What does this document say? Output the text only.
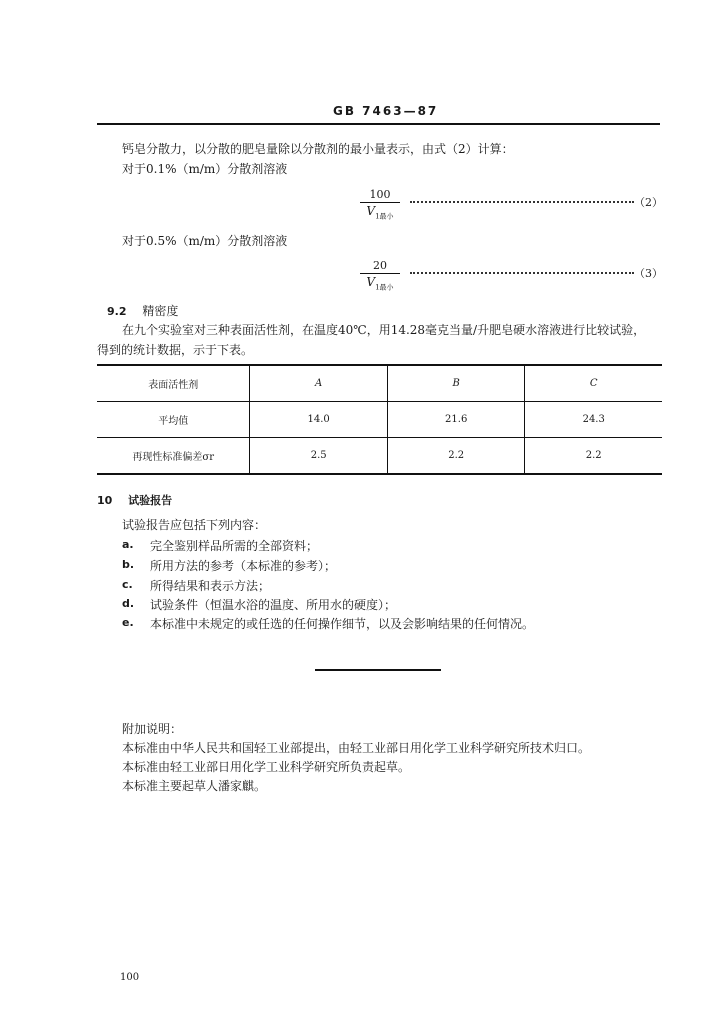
GB 7463—87
钙皂分散力，以分散的肥皂量除以分散剂的最小量表示，由式（2）计算：
对于0.1%（m/m）分散剂溶液
100
$V_{1最小}$
（2）
对于0.5%（m/m）分散剂溶液
20
$V_{1最小}$
（3）
9.2 精密度
在九个实验室对三种表面活性剂，在温度40℃，用14.28毫克当量/升肥皂硬水溶液进行比较试验，
得到的统计数据，示于下表。
表面活性剂	A	B	C
平均值	14.0	21.6	24.3
再现性标准偏差σr	2.5	2.2	2.2
10 试验报告
试验报告应包括下列内容：
a. 完全鉴别样品所需的全部资料；
b. 所用方法的参考（本标准的参考）；
c. 所得结果和表示方法；
d. 试验条件（恒温水浴的温度、所用水的硬度）；
e. 本标准中未规定的或任选的任何操作细节，以及会影响结果的任何情况。
附加说明：
本标准由中华人民共和国轻工业部提出，由轻工业部日用化学工业科学研究所技术归口。
本标准由轻工业部日用化学工业科学研究所负责起草。
本标准主要起草人潘家麒。
100
